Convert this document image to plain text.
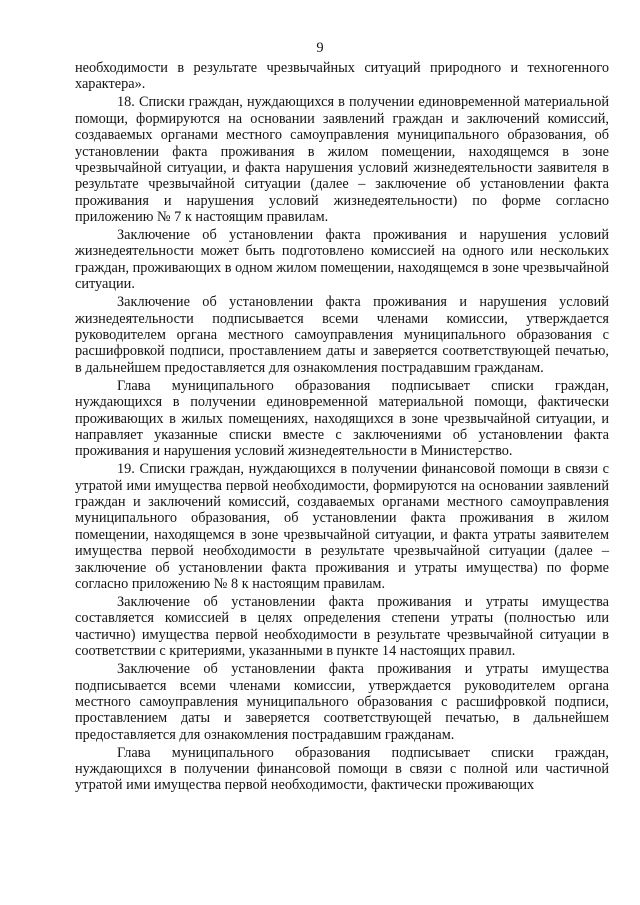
9

необходимости в результате чрезвычайных ситуаций природного и техногенного характера».

18. Списки граждан, нуждающихся в получении единовременной материальной помощи, формируются на основании заявлений граждан и заключений комиссий, создаваемых органами местного самоуправления муниципального образования, об установлении факта проживания в жилом помещении, находящемся в зоне чрезвычайной ситуации, и факта нарушения условий жизнедеятельности заявителя в результате чрезвычайной ситуации (далее – заключение об установлении факта проживания и нарушения условий жизнедеятельности) по форме согласно приложению № 7 к настоящим правилам.

Заключение об установлении факта проживания и нарушения условий жизнедеятельности может быть подготовлено комиссией на одного или нескольких граждан, проживающих в одном жилом помещении, находящемся в зоне чрезвычайной ситуации.

Заключение об установлении факта проживания и нарушения условий жизнедеятельности подписывается всеми членами комиссии, утверждается руководителем органа местного самоуправления муниципального образования с расшифровкой подписи, проставлением даты и заверяется соответствующей печатью, в дальнейшем предоставляется для ознакомления пострадавшим гражданам.

Глава муниципального образования подписывает списки граждан, нуждающихся в получении единовременной материальной помощи, фактически проживающих в жилых помещениях, находящихся в зоне чрезвычайной ситуации, и направляет указанные списки вместе с заключениями об установлении факта проживания и нарушения условий жизнедеятельности в Министерство.

19. Списки граждан, нуждающихся в получении финансовой помощи в связи с утратой ими имущества первой необходимости, формируются на основании заявлений граждан и заключений комиссий, создаваемых органами местного самоуправления муниципального образования, об установлении факта проживания в жилом помещении, находящемся в зоне чрезвычайной ситуации, и факта утраты заявителем имущества первой необходимости в результате чрезвычайной ситуации (далее – заключение об установлении факта проживания и утраты имущества) по форме согласно приложению № 8 к настоящим правилам.

Заключение об установлении факта проживания и утраты имущества составляется комиссией в целях определения степени утраты (полностью или частично) имущества первой необходимости в результате чрезвычайной ситуации в соответствии с критериями, указанными в пункте 14 настоящих правил.

Заключение об установлении факта проживания и утраты имущества подписывается всеми членами комиссии, утверждается руководителем органа местного самоуправления муниципального образования с расшифровкой подписи, проставлением даты и заверяется соответствующей печатью, в дальнейшем предоставляется для ознакомления пострадавшим гражданам.

Глава муниципального образования подписывает списки граждан, нуждающихся в получении финансовой помощи в связи с полной или частичной утратой ими имущества первой необходимости, фактически проживающих
